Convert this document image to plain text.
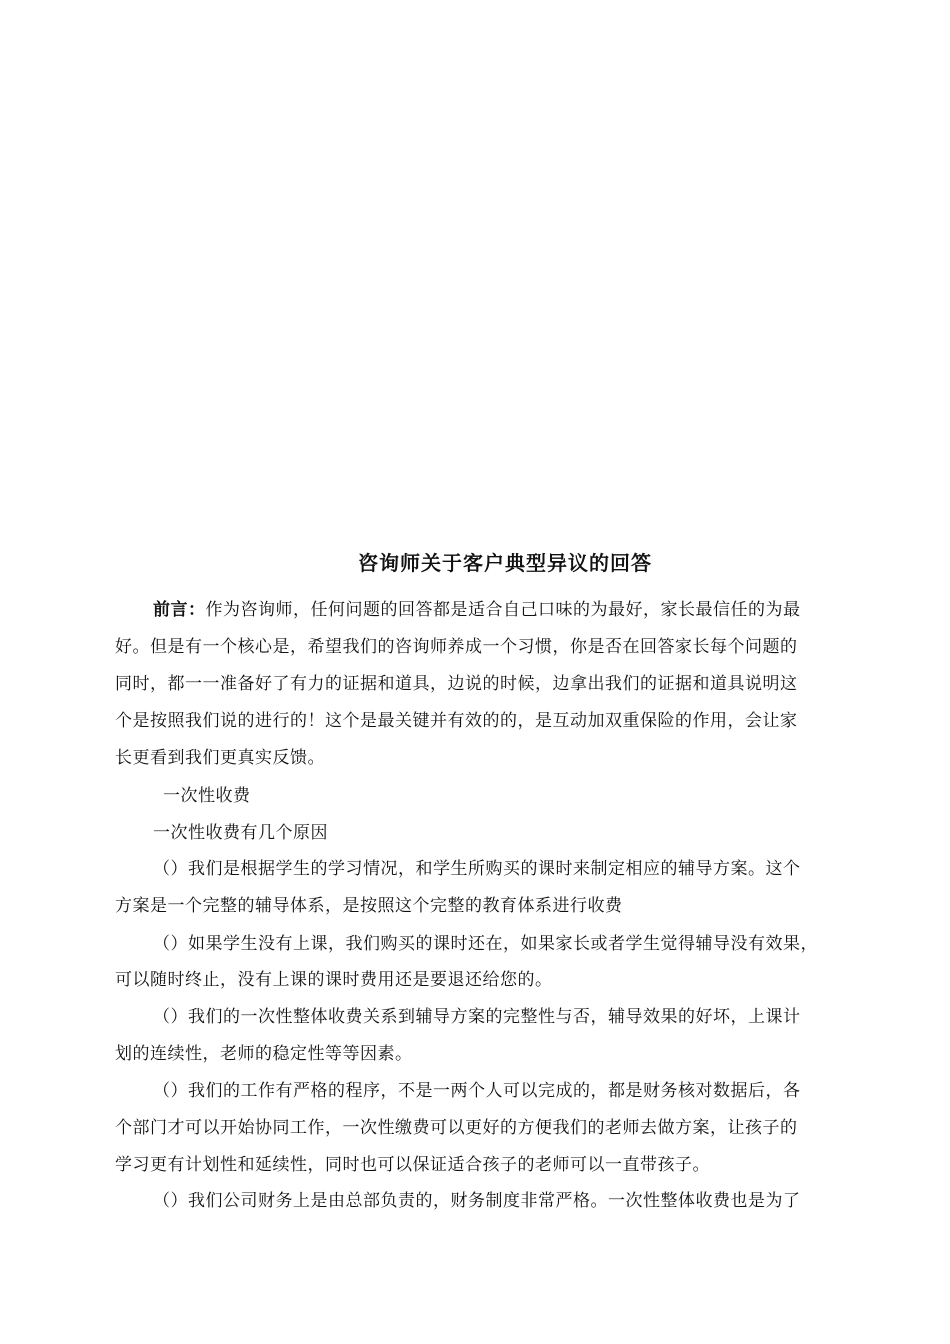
咨询师关于客户典型异议的回答
前言：作为咨询师，任何问题的回答都是适合自己口味的为最好，家长最信任的为最
好。但是有一个核心是，希望我们的咨询师养成一个习惯，你是否在回答家长每个问题的
同时，都一一准备好了有力的证据和道具，边说的时候，边拿出我们的证据和道具说明这
个是按照我们说的进行的！这个是最关键并有效的的，是互动加双重保险的作用，会让家
长更看到我们更真实反馈。
一次性收费
一次性收费有几个原因
（）我们是根据学生的学习情况，和学生所购买的课时来制定相应的辅导方案。这个
方案是一个完整的辅导体系，是按照这个完整的教育体系进行收费
（）如果学生没有上课，我们购买的课时还在，如果家长或者学生觉得辅导没有效果，
可以随时终止，没有上课的课时费用还是要退还给您的。
（）我们的一次性整体收费关系到辅导方案的完整性与否，辅导效果的好坏，上课计
划的连续性，老师的稳定性等等因素。
（）我们的工作有严格的程序，不是一两个人可以完成的，都是财务核对数据后，各
个部门才可以开始协同工作，一次性缴费可以更好的方便我们的老师去做方案，让孩子的
学习更有计划性和延续性，同时也可以保证适合孩子的老师可以一直带孩子。
（）我们公司财务上是由总部负责的，财务制度非常严格。一次性整体收费也是为了
